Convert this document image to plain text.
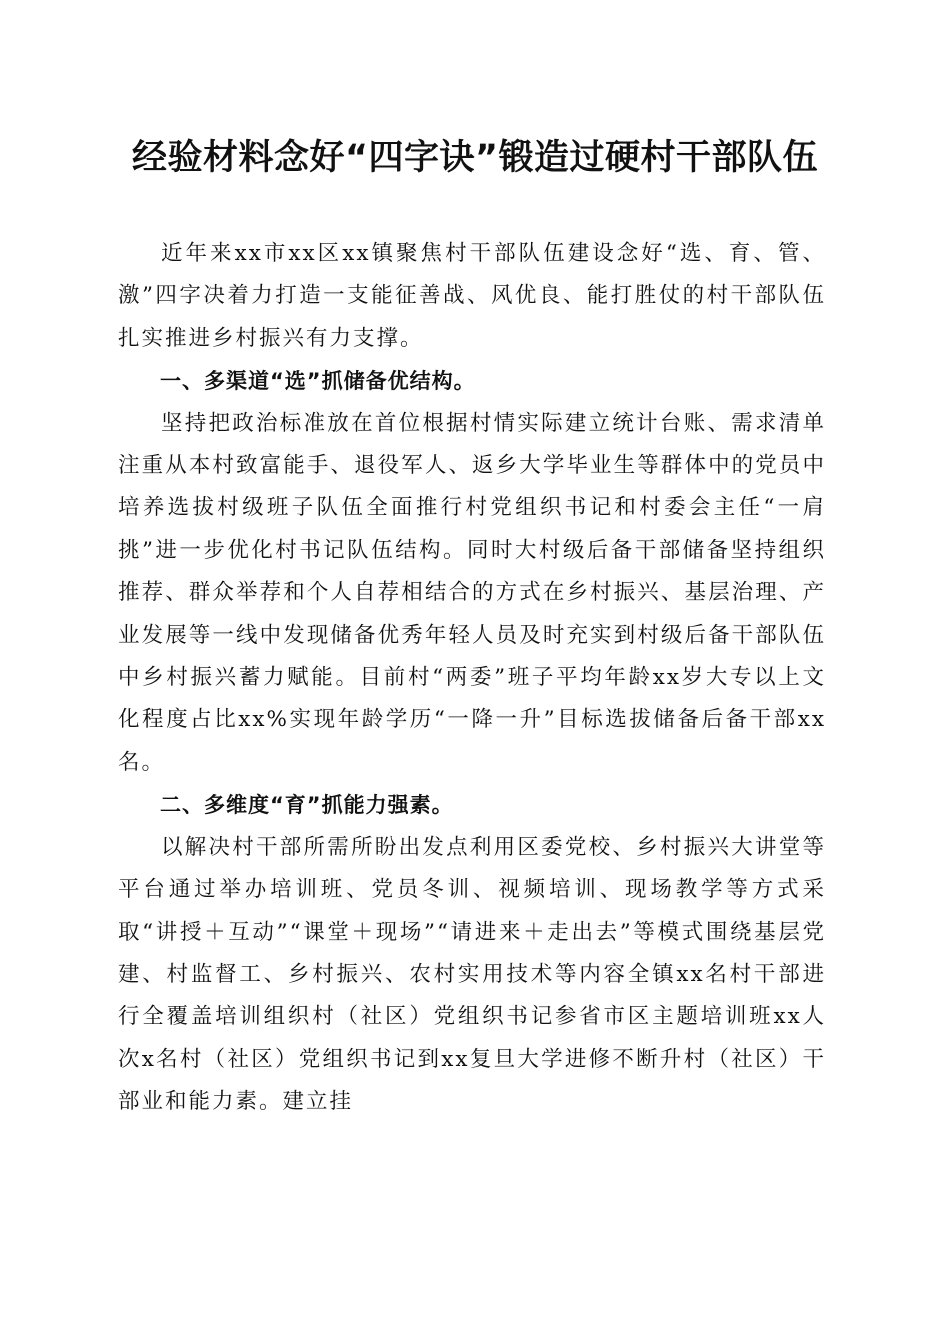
经验材料念好“四字诀”锻造过硬村干部队伍

近年来xx市xx区xx镇聚焦村干部队伍建设念好“选、育、管、激”四字决着力打造一支能征善战、风优良、能打胜仗的村干部队伍扎实推进乡村振兴有力支撑。

一、多渠道“选”抓储备优结构。

坚持把政治标准放在首位根据村情实际建立统计台账、需求清单注重从本村致富能手、退役军人、返乡大学毕业生等群体中的党员中培养选拔村级班子队伍全面推行村党组织书记和村委会主任“一肩挑”进一步优化村书记队伍结构。同时大村级后备干部储备坚持组织推荐、群众举荐和个人自荐相结合的方式在乡村振兴、基层治理、产业发展等一线中发现储备优秀年轻人员及时充实到村级后备干部队伍中乡村振兴蓄力赋能。目前村“两委”班子平均年龄xx岁大专以上文化程度占比xx%实现年龄学历“一降一升”目标选拔储备后备干部xx名。

二、多维度“育”抓能力强素。

以解决村干部所需所盼出发点利用区委党校、乡村振兴大讲堂等平台通过举办培训班、党员冬训、视频培训、现场教学等方式采取“讲授＋互动”“课堂＋现场”“请进来＋走出去”等模式围绕基层党建、村监督工、乡村振兴、农村实用技术等内容全镇xx名村干部进行全覆盖培训组织村（社区）党组织书记参省市区主题培训班xx人次x名村（社区）党组织书记到xx复旦大学进修不断升村（社区）干部业和能力素。建立挂
